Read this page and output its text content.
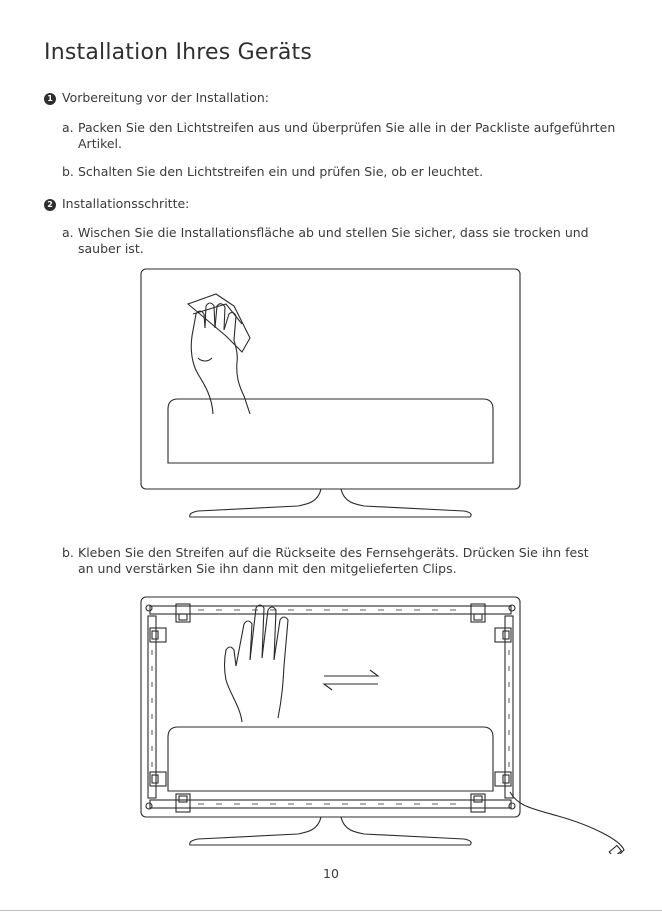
Installation Ihres Geräts
1 Vorbereitung vor der Installation:
a. Packen Sie den Lichtstreifen aus und überprüfen Sie alle in der Packliste aufgeführten Artikel.
b. Schalten Sie den Lichtstreifen ein und prüfen Sie, ob er leuchtet.
2 Installationsschritte:
a. Wischen Sie die Installationsfläche ab und stellen Sie sicher, dass sie trocken und sauber ist.
b. Kleben Sie den Streifen auf die Rückseite des Fernsehgeräts. Drücken Sie ihn fest an und verstärken Sie ihn dann mit den mitgelieferten Clips.
10
